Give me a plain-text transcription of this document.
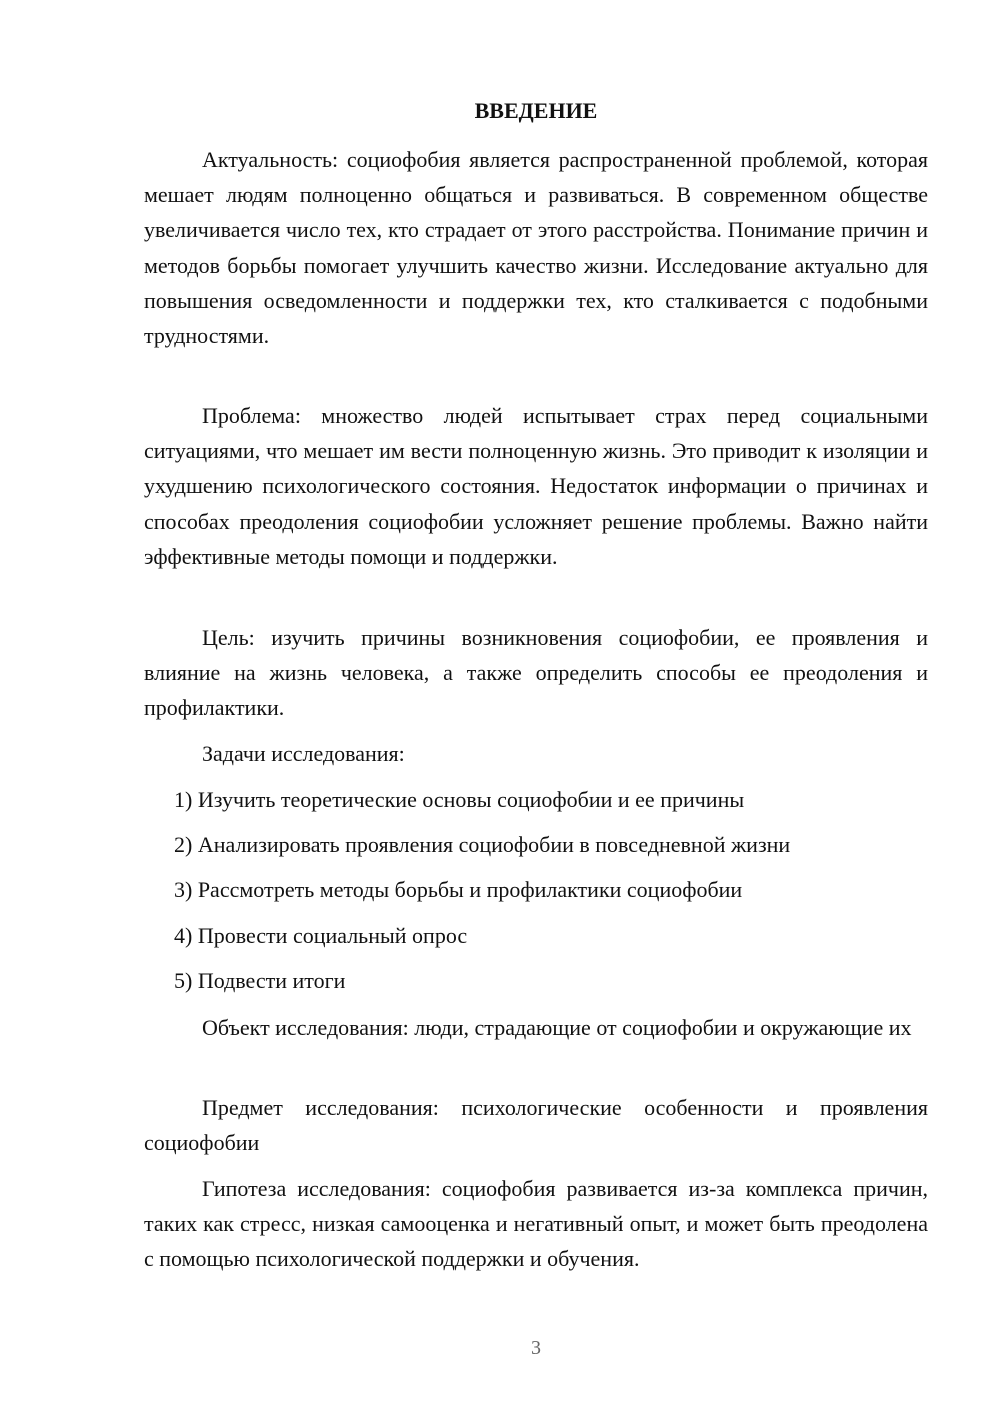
ВВЕДЕНИЕ

Актуальность: социофобия является распространенной проблемой, которая мешает людям полноценно общаться и развиваться. В современном обществе увеличивается число тех, кто страдает от этого расстройства. Понимание причин и методов борьбы помогает улучшить качество жизни. Исследование актуально для повышения осведомленности и поддержки тех, кто сталкивается с подобными трудностями.

Проблема: множество людей испытывает страх перед социальными ситуациями, что мешает им вести полноценную жизнь. Это приводит к изоляции и ухудшению психологического состояния. Недостаток информации о причинах и способах преодоления социофобии усложняет решение проблемы. Важно найти эффективные методы помощи и поддержки.

Цель: изучить причины возникновения социофобии, ее проявления и влияние на жизнь человека, а также определить способы ее преодоления и профилактики.

Задачи исследования:

1) Изучить теоретические основы социофобии и ее причины

2) Анализировать проявления социофобии в повседневной жизни

3) Рассмотреть методы борьбы и профилактики социофобии

4) Провести социальный опрос

5) Подвести итоги

Объект исследования: люди, страдающие от социофобии и окружающие их

Предмет исследования: психологические особенности и проявления социофобии

Гипотеза исследования: социофобия развивается из-за комплекса причин, таких как стресс, низкая самооценка и негативный опыт, и может быть преодолена с помощью психологической поддержки и обучения.

3
